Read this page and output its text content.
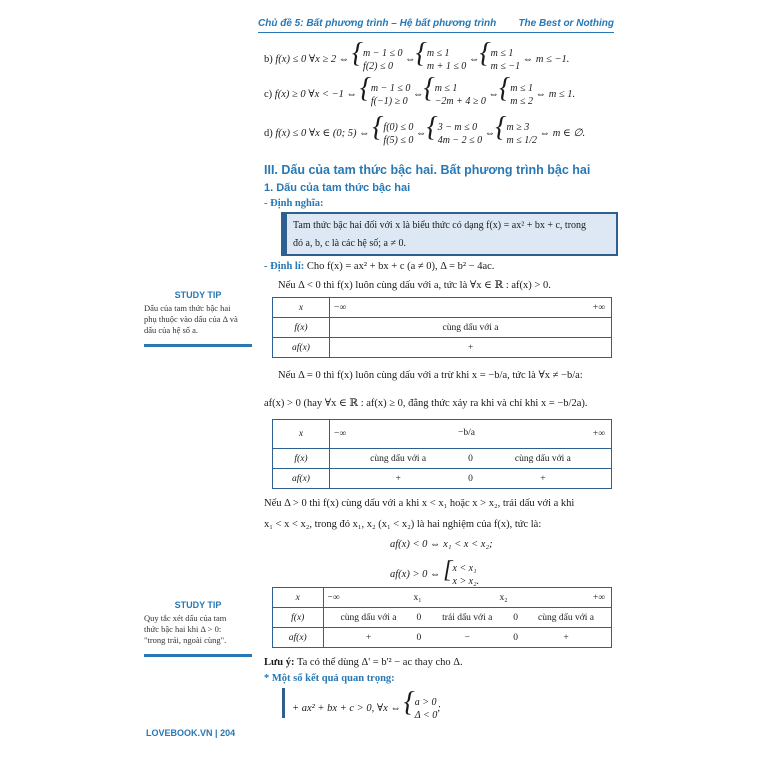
Chủ đề 5: Bất phương trình – Hệ bất phương trình The Best or Nothing
b) f(x) ≤ 0 ∀x ≥ 2 ⇔ {m − 1 ≤ 0
f(2) ≤ 0 ⇔{m ≤ 1
m + 1 ≤ 0 ⇔{m ≤ 1
m ≤ −1 ⇔ m ≤ −1.
c) f(x) ≥ 0 ∀x < −1 ⇔ {m − 1 ≤ 0
f(−1) ≥ 0 ⇔{m ≤ 1
−2m + 4 ≥ 0 ⇔{m ≤ 1
m ≤ 2 ⇔ m ≤ 1.
d) f(x) ≤ 0 ∀x ∈ (0; 5) ⇔ {f(0) ≤ 0
f(5) ≤ 0 ⇔{3 − m ≤ 0
4m − 2 ≤ 0 ⇔{m ≥ 3
m ≤ 1/2 ⇔ m ∈ ∅.
III. Dấu của tam thức bậc hai. Bất phương trình bậc hai
1. Dấu của tam thức bậc hai
- Định nghĩa:
Tam thức bậc hai đối với x là biểu thức có dạng f(x) = ax² + bx + c, trong
đó a, b, c là các hệ số; a ≠ 0.
- Định lí: Cho f(x) = ax² + bx + c (a ≠ 0), Δ = b² − 4ac.
STUDY TIP
Dấu của tam thức bậc hai
phụ thuộc vào dấu của Δ và
dấu của hệ số a.
Nếu Δ < 0 thì f(x) luôn cùng dấu với a, tức là ∀x ∈ ℝ : af(x) > 0.
x	−∞ +∞

f(x)	cùng dấu với a
af(x)	+
Nếu Δ = 0 thì f(x) luôn cùng dấu với a trừ khi x = −b/a, tức là ∀x ≠ −b/a:
af(x) > 0 (hay ∀x ∈ ℝ : af(x) ≥ 0, đẳng thức xảy ra khi và chỉ khi x = −b/2a).
x	−∞ −b/a +∞

f(x)	cùng dấu với a 0 cùng dấu với a
af(x)	+ 0 +
Nếu Δ > 0 thì f(x) cùng dấu với a khi x < x₁ hoặc x > x₂, trái dấu với a khi
x₁ < x < x₂, trong đó x₁, x₂ (x₁ < x₂) là hai nghiệm của f(x), tức là:
af(x) < 0 ⇔ x₁ < x < x₂;
af(x) > 0 ⇔ [x < x₁
x > x₂.
STUDY TIP
Quy tắc xét dấu của tam
thức bậc hai khi Δ > 0:
"trong trái, ngoài cùng".
x	−∞ x₁ x₂ +∞

f(x)	cùng dấu với a 0 trái dấu với a 0 cùng dấu với a
af(x)	+ 0 − 0 +
Lưu ý: Ta có thể dùng Δ' = b'² − ac thay cho Δ.
* Một số kết quả quan trọng:
+ ax² + bx + c > 0, ∀x ⇔ {a > 0
Δ < 0;
LOVEBOOK.VN | 204
